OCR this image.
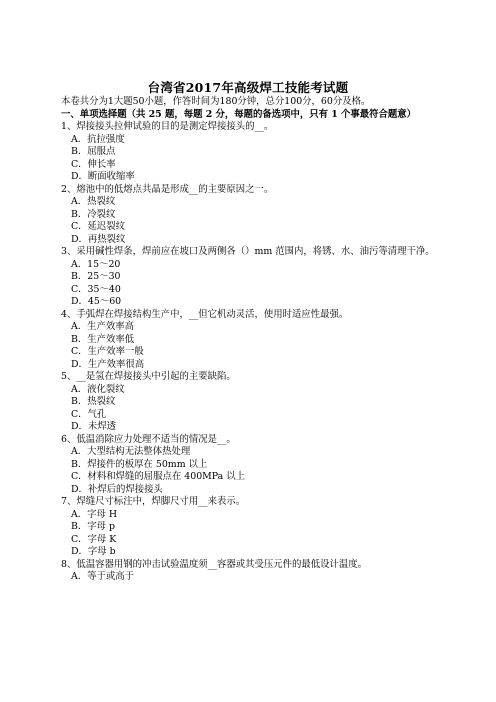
台湾省2017年高级焊工技能考试题
本卷共分为1大题50小题，作答时间为180分钟，总分100分，60分及格。
一、单项选择题（共 25 题，每题 2 分，每题的备选项中，只有 1 个事最符合题意）
1、焊接接头拉伸试验的目的是测定焊接接头的__。
A．抗拉强度
B．屈服点
C．伸长率
D．断面收缩率
2、熔池中的低熔点共晶是形成__的主要原因之一。
A．热裂纹
B．冷裂纹
C．延迟裂纹
D．再热裂纹
3、采用碱性焊条，焊前应在坡口及两侧各（）mm 范围内，将锈、水、油污等清理干净。
A．15～20
B．25～30
C．35～40
D．45～60
4、手弧焊在焊接结构生产中，__但它机动灵活，使用时适应性最强。
A．生产效率高
B．生产效率低
C．生产效率一般
D．生产效率很高
5、__是氢在焊接接头中引起的主要缺陷。
A．液化裂纹
B．热裂纹
C．气孔
D．未焊透
6、低温消除应力处理不适当的情况是__。
A．大型结构无法整体热处理
B．焊接件的板厚在 50mm 以上
C．材料和焊缝的屈服点在 400MPa 以上
D．补焊后的焊接接头
7、焊缝尺寸标注中，焊脚尺寸用__来表示。
A．字母 H
B．字母 p
C．字母 K
D．字母 b
8、低温容器用钢的冲击试验温度须__容器或其受压元件的最低设计温度。
A．等于或高于
